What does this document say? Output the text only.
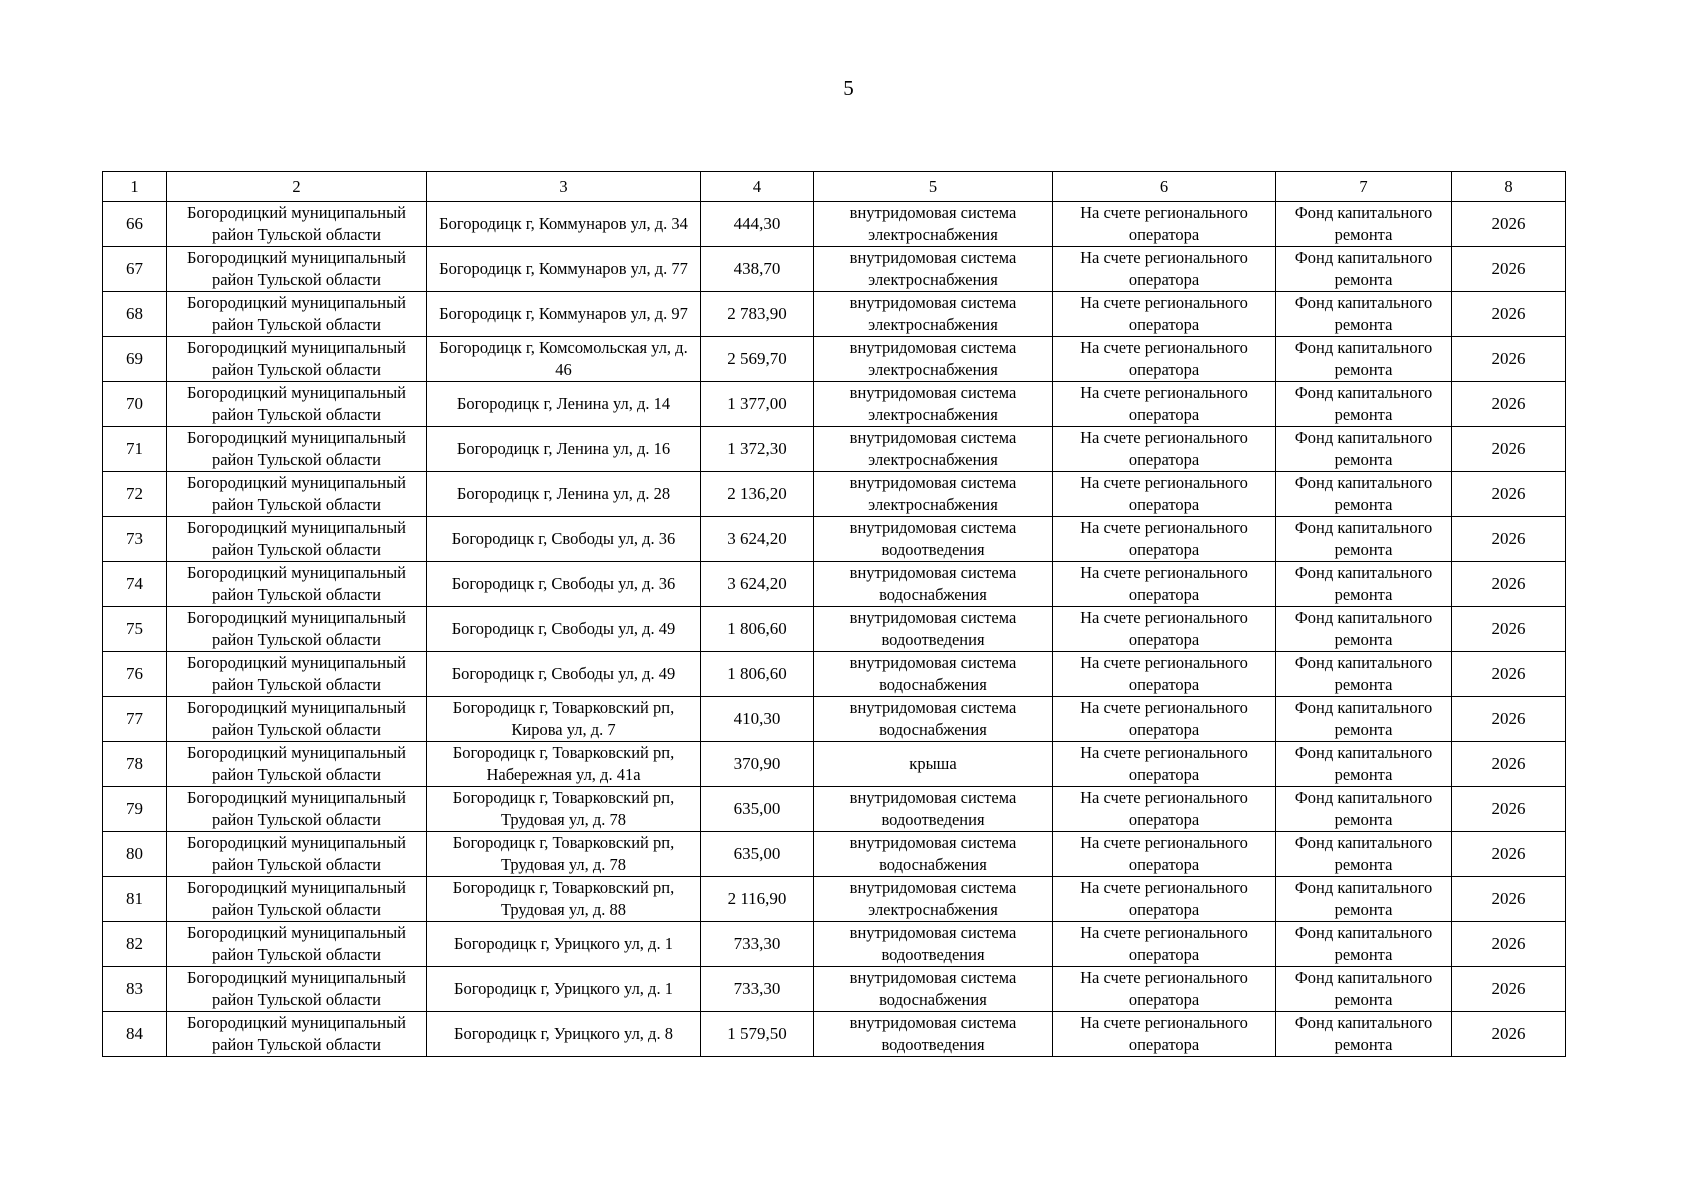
5
1	2	3	4	5	6	7	8
66	Богородицкий муниципальный район Тульской области	Богородицк г, Коммунаров ул, д. 34	444,30	внутридомовая система электроснабжения	На счете регионального оператора	Фонд капитального ремонта	2026
67	Богородицкий муниципальный район Тульской области	Богородицк г, Коммунаров ул, д. 77	438,70	внутридомовая система электроснабжения	На счете регионального оператора	Фонд капитального ремонта	2026
68	Богородицкий муниципальный район Тульской области	Богородицк г, Коммунаров ул, д. 97	2 783,90	внутридомовая система электроснабжения	На счете регионального оператора	Фонд капитального ремонта	2026
69	Богородицкий муниципальный район Тульской области	Богородицк г, Комсомольская ул, д. 46	2 569,70	внутридомовая система электроснабжения	На счете регионального оператора	Фонд капитального ремонта	2026
70	Богородицкий муниципальный район Тульской области	Богородицк г, Ленина ул, д. 14	1 377,00	внутридомовая система электроснабжения	На счете регионального оператора	Фонд капитального ремонта	2026
71	Богородицкий муниципальный район Тульской области	Богородицк г, Ленина ул, д. 16	1 372,30	внутридомовая система электроснабжения	На счете регионального оператора	Фонд капитального ремонта	2026
72	Богородицкий муниципальный район Тульской области	Богородицк г, Ленина ул, д. 28	2 136,20	внутридомовая система электроснабжения	На счете регионального оператора	Фонд капитального ремонта	2026
73	Богородицкий муниципальный район Тульской области	Богородицк г, Свободы ул, д. 36	3 624,20	внутридомовая система водоотведения	На счете регионального оператора	Фонд капитального ремонта	2026
74	Богородицкий муниципальный район Тульской области	Богородицк г, Свободы ул, д. 36	3 624,20	внутридомовая система водоснабжения	На счете регионального оператора	Фонд капитального ремонта	2026
75	Богородицкий муниципальный район Тульской области	Богородицк г, Свободы ул, д. 49	1 806,60	внутридомовая система водоотведения	На счете регионального оператора	Фонд капитального ремонта	2026
76	Богородицкий муниципальный район Тульской области	Богородицк г, Свободы ул, д. 49	1 806,60	внутридомовая система водоснабжения	На счете регионального оператора	Фонд капитального ремонта	2026
77	Богородицкий муниципальный район Тульской области	Богородицк г, Товарковский рп, Кирова ул, д. 7	410,30	внутридомовая система водоснабжения	На счете регионального оператора	Фонд капитального ремонта	2026
78	Богородицкий муниципальный район Тульской области	Богородицк г, Товарковский рп, Набережная ул, д. 41а	370,90	крыша	На счете регионального оператора	Фонд капитального ремонта	2026
79	Богородицкий муниципальный район Тульской области	Богородицк г, Товарковский рп, Трудовая ул, д. 78	635,00	внутридомовая система водоотведения	На счете регионального оператора	Фонд капитального ремонта	2026
80	Богородицкий муниципальный район Тульской области	Богородицк г, Товарковский рп, Трудовая ул, д. 78	635,00	внутридомовая система водоснабжения	На счете регионального оператора	Фонд капитального ремонта	2026
81	Богородицкий муниципальный район Тульской области	Богородицк г, Товарковский рп, Трудовая ул, д. 88	2 116,90	внутридомовая система электроснабжения	На счете регионального оператора	Фонд капитального ремонта	2026
82	Богородицкий муниципальный район Тульской области	Богородицк г, Урицкого ул, д. 1	733,30	внутридомовая система водоотведения	На счете регионального оператора	Фонд капитального ремонта	2026
83	Богородицкий муниципальный район Тульской области	Богородицк г, Урицкого ул, д. 1	733,30	внутридомовая система водоснабжения	На счете регионального оператора	Фонд капитального ремонта	2026
84	Богородицкий муниципальный район Тульской области	Богородицк г, Урицкого ул, д. 8	1 579,50	внутридомовая система водоотведения	На счете регионального оператора	Фонд капитального ремонта	2026
